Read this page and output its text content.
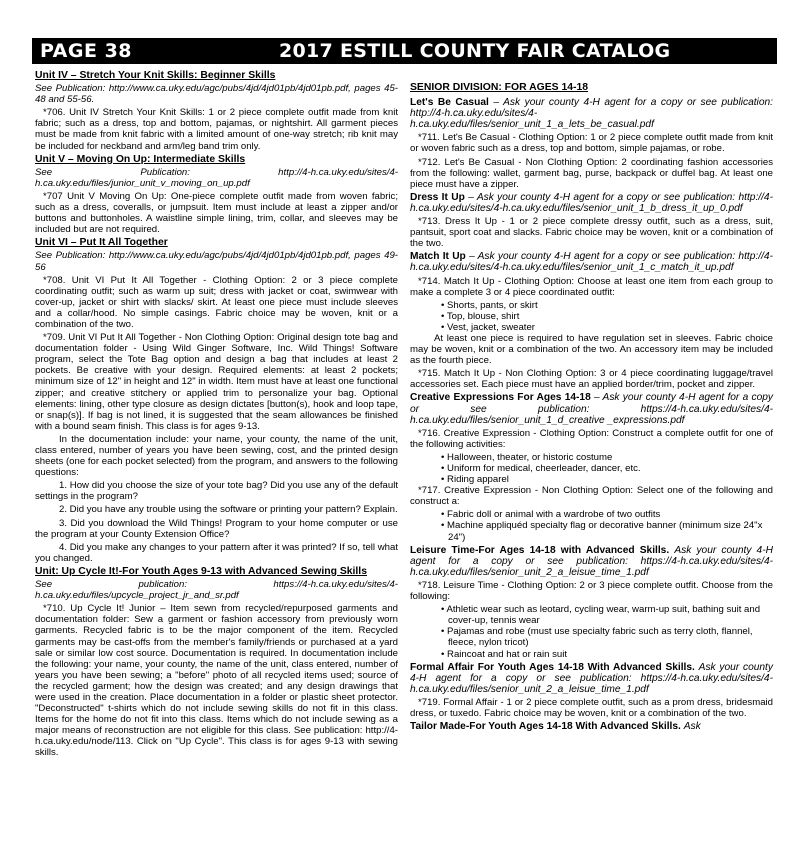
PAGE 38	2017 ESTILL COUNTY FAIR CATALOG

Unit IV – Stretch Your Knit Skills: Beginner Skills

See Publication: http://www.ca.uky.edu/agc/pubs/4jd/4jd01pb/4jd01pb.pdf, pages 45-48 and 55-56.

*706. Unit IV Stretch Your Knit Skills: 1 or 2 piece complete outfit made from knit fabric; such as a dress, top and bottom, pajamas, or nightshirt. All garment pieces must be made from knit fabric with a limited amount of one-way stretch; rib knit may be included for neckband and arm/leg band trim only.

Unit V – Moving On Up: Intermediate Skills

See Publication: http://4-h.ca.uky.edu/sites/4-h.ca.uky.edu/files/junior_unit_v_moving_on_up.pdf

*707 Unit V Moving On Up: One-piece complete outfit made from woven fabric; such as a dress, coveralls, or jumpsuit. Item must include at least a zipper and/or buttons and buttonholes. A waistline simple lining, trim, collar, and sleeves may be included but are not required.

Unit VI – Put It All Together

See Publication: http://www.ca.uky.edu/agc/pubs/4jd/4jd01pb/4jd01pb.pdf, pages 49-56

*708. Unit VI Put It All Together - Clothing Option: 2 or 3 piece complete coordinating outfit; such as warm up suit; dress with jacket or coat, swimwear with cover-up, jacket or shirt with slacks/ skirt. At least one piece must include sleeves and a collar/hood. No simple casings. Fabric choice may be woven, knit or a combination of the two.

*709. Unit VI Put It All Together - Non Clothing Option: Original design tote bag and documentation folder - Using Wild Ginger Software, Inc. Wild Things! Software program, select the Tote Bag option and design a bag that includes at least 2 pockets. Be creative with your design. Required elements: at least 2 pockets; minimum size of 12" in height and 12" in width. Item must have at least one functional zipper; and creative stitchery or applied trim to personalize your bag. Optional elements: lining, other type closure as design dictates [button(s), hook and loop tape, or snap(s)]. If bag is not lined, it is suggested that the seam allowances be finished with a bound seam finish. This class is for ages 9-13.

In the documentation include: your name, your county, the name of the unit, class entered, number of years you have been sewing, cost, and the printed design sheets (one for each pocket selected) from the program, and answers to the following questions:

1. How did you choose the size of your tote bag? Did you use any of the default settings in the program?

2. Did you have any trouble using the software or printing your pattern? Explain.

3. Did you download the Wild Things! Program to your home computer or use the program at your County Extension Office?

4. Did you make any changes to your pattern after it was printed? If so, tell what you changed.

Unit: Up Cycle It!-For Youth Ages 9-13 with Advanced Sewing Skills

See publication: https://4-h.ca.uky.edu/sites/4-h.ca.uky.edu/files/upcycle_project_jr_and_sr.pdf

*710. Up Cycle It! Junior – Item sewn from recycled/repurposed garments and documentation folder: Sew a garment or fashion accessory from previously worn garments. Recycled fabric is to be the major component of the item. Recycled garments may be cast-offs from the member's family/friends or purchased at a yard sale or similar low cost source. Documentation is required. In documentation include the following: your name, your county, the name of the unit, class entered, number of years you have been sewing; a "before" photo of all recycled items used; source of the recycled garment; how the design was created; and any design drawings that were used in the creation. Place documentation in a folder or plastic sheet protector. "Deconstructed" t-shirts which do not include sewing skills do not fit in this class. Items for the home do not fit into this class. Items which do not include sewing as a major means of reconstruction are not eligible for this class. See publication: http://4-h.ca.uky.edu/node/113. Click on "Up Cycle". This class is for ages 9-13 with sewing skills.

SENIOR DIVISION: FOR AGES 14-18

Let's Be Casual – Ask your county 4-H agent for a copy or see publication: http://4-h.ca.uky.edu/sites/4-h.ca.uky.edu/files/senior_unit_1_a_lets_be_casual.pdf

*711. Let's Be Casual - Clothing Option: 1 or 2 piece complete outfit made from knit or woven fabric such as a dress, top and bottom, simple pajamas, or robe.

*712. Let's Be Casual - Non Clothing Option: 2 coordinating fashion accessories from the following: wallet, garment bag, purse, backpack or duffel bag. At least one piece must have a zipper.

Dress It Up – Ask your county 4-H agent for a copy or see publication: http://4-h.ca.uky.edu/sites/4-h.ca.uky.edu/files/senior_unit_1_b_dress_it_up_0.pdf

*713. Dress It Up - 1 or 2 piece complete dressy outfit, such as a dress, suit, pantsuit, sport coat and slacks. Fabric choice may be woven, knit or a combination of the two.

Match It Up – Ask your county 4-H agent for a copy or see publication: http://4-h.ca.uky.edu/sites/4-h.ca.uky.edu/files/senior_unit_1_c_match_it_up.pdf

*714. Match It Up - Clothing Option: Choose at least one item from each group to make a complete 3 or 4 piece coordinated outfit:

• Shorts, pants, or skirt

• Top, blouse, shirt

• Vest, jacket, sweater

At least one piece is required to have regulation set in sleeves. Fabric choice may be woven, knit or a combination of the two. An accessory item may be included as the fourth piece.

*715. Match It Up - Non Clothing Option: 3 or 4 piece coordinating luggage/travel accessories set. Each piece must have an applied border/trim, pocket and zipper.

Creative Expressions For Ages 14-18 – Ask your county 4-H agent for a copy or see publication: https://4-h.ca.uky.edu/sites/4-h.ca.uky.edu/files/senior_unit_1_d_creative _expressions.pdf

*716. Creative Expression - Clothing Option: Construct a complete outfit for one of the following activities:

• Halloween, theater, or historic costume

• Uniform for medical, cheerleader, dancer, etc.

• Riding apparel

*717. Creative Expression - Non Clothing Option: Select one of the following and construct a:

• Fabric doll or animal with a wardrobe of two outfits

• Machine appliquéd specialty flag or decorative banner (minimum size 24"x 24")

Leisure Time-For Ages 14-18 with Advanced Skills. Ask your county 4-H agent for a copy or see publication: https://4-h.ca.uky.edu/sites/4-h.ca.uky.edu/files/senior_unit_2_a_leisue_time_1.pdf

*718. Leisure Time - Clothing Option: 2 or 3 piece complete outfit. Choose from the following:

• Athletic wear such as leotard, cycling wear, warm-up suit, bathing suit and cover-up, tennis wear

• Pajamas and robe (must use specialty fabric such as terry cloth, flannel, fleece, nylon tricot)

• Raincoat and hat or rain suit

Formal Affair For Youth Ages 14-18 With Advanced Skills. Ask your county 4-H agent for a copy or see publication: https://4-h.ca.uky.edu/sites/4-h.ca.uky.edu/files/senior_unit_2_a_leisue_time_1.pdf

*719. Formal Affair - 1 or 2 piece complete outfit, such as a prom dress, bridesmaid dress, or tuxedo. Fabric choice may be woven, knit or a combination of the two.

Tailor Made-For Youth Ages 14-18 With Advanced Skills. Ask
